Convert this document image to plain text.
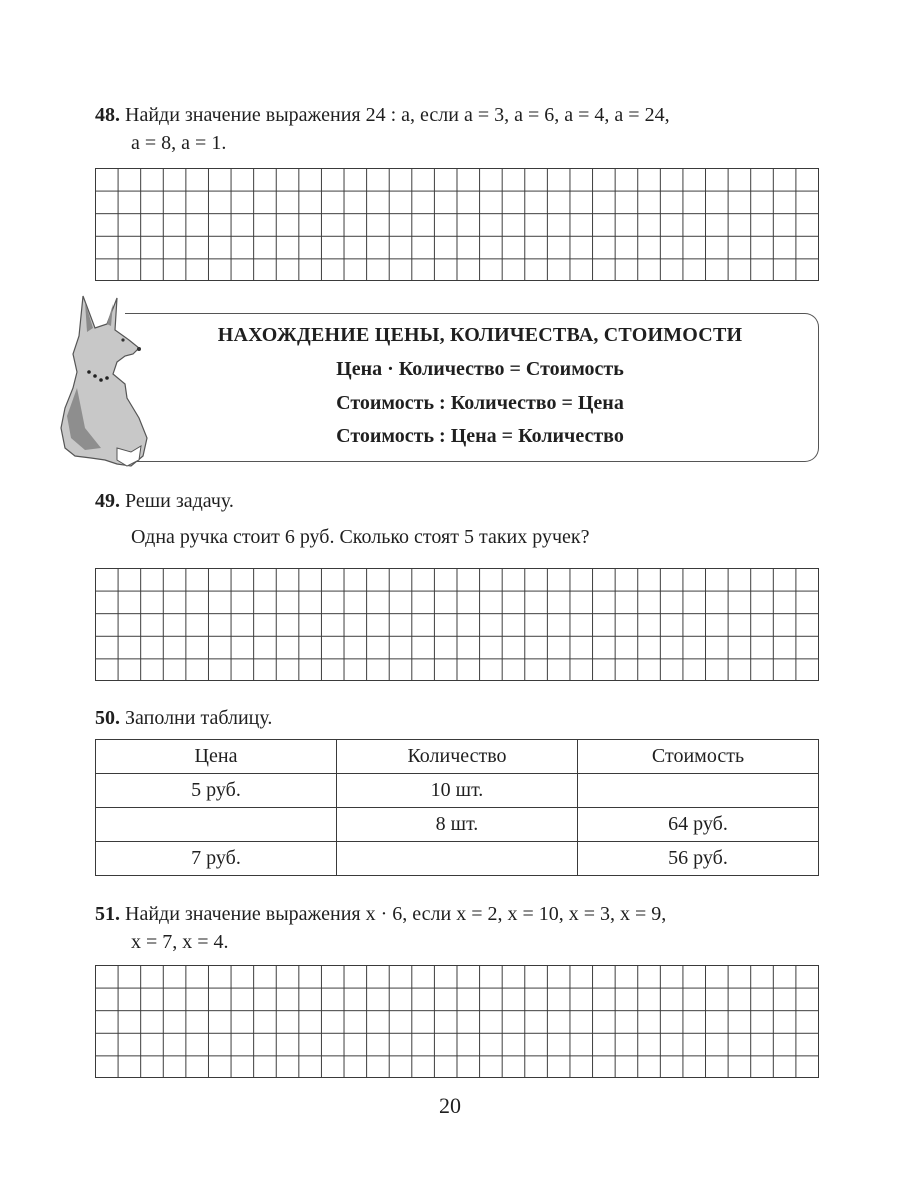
48. Найди значение выражения 24 : a, если a = 3, a = 6, a = 4, a = 24,
a = 8, a = 1.
НАХОЖДЕНИЕ ЦЕНЫ, КОЛИЧЕСТВА, СТОИМОСТИ
Цена · Количество = Стоимость
Стоимость : Количество = Цена
Стоимость : Цена = Количество
49. Реши задачу.
Одна ручка стоит 6 руб. Сколько стоят 5 таких ручек?
50. Заполни таблицу.
Цена	Количество	Стоимость
5 руб.	10 шт.	
	8 шт.	64 руб.
7 руб.		56 руб.
51. Найди значение выражения x · 6, если x = 2, x = 10, x = 3, x = 9,
x = 7, x = 4.
20
